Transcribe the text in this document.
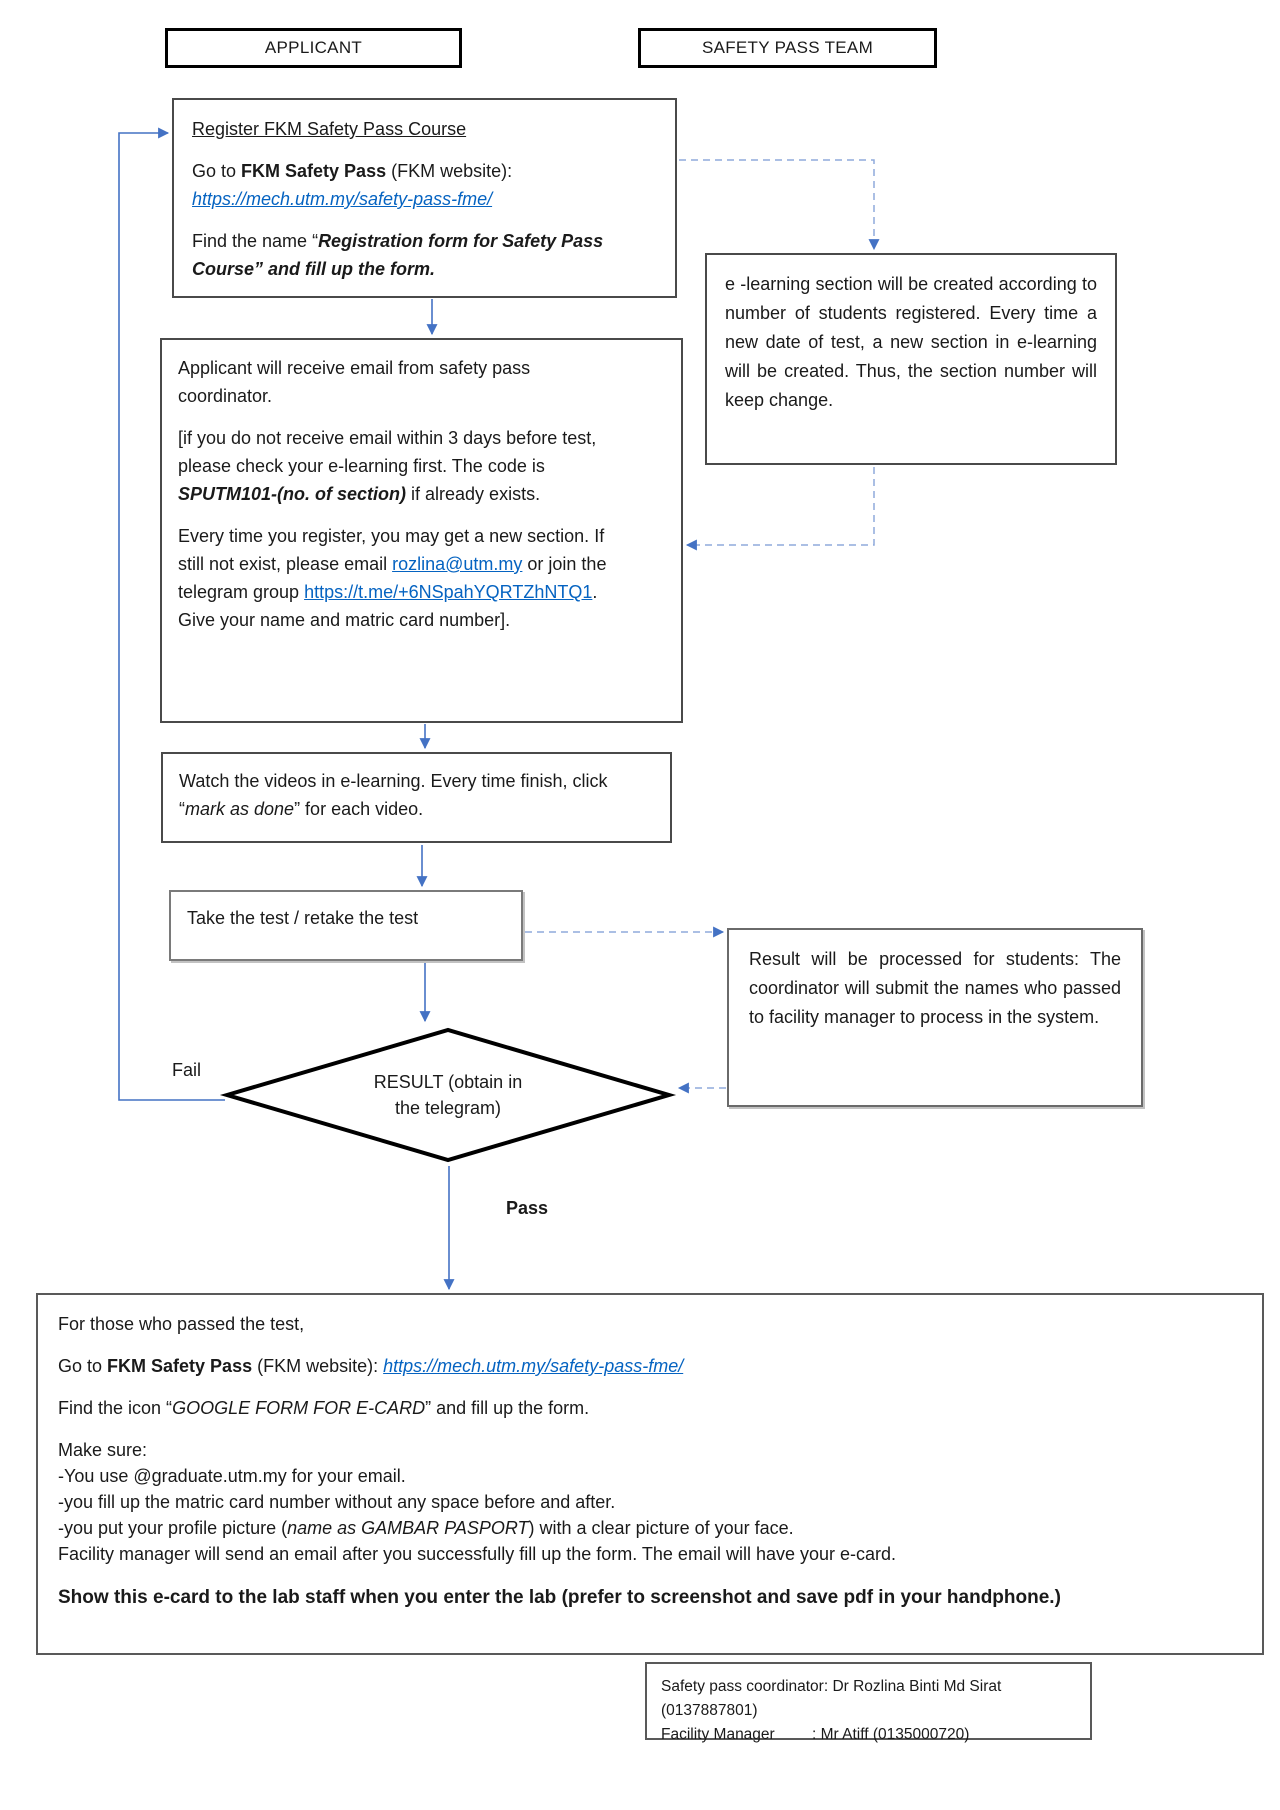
APPLICANT	SAFETY PASS TEAM

Register FKM Safety Pass Course

Go to FKM Safety Pass (FKM website):
https://mech.utm.my/safety-pass-fme/

Find the name “Registration form for Safety Pass Course” and fill up the form.

e -learning section will be created according to number of students registered. Every time a new date of test, a new section in e-learning will be created. Thus, the section number will keep change.

Applicant will receive email from safety pass coordinator.

[if you do not receive email within 3 days before test, please check your e-learning first. The code is SPUTM101-(no. of section) if already exists.

Every time you register, you may get a new section. If still not exist, please email rozlina@utm.my or join the telegram group https://t.me/+6NSpahYQRTZhNTQ1. Give your name and matric card number].

Watch the videos in e-learning. Every time finish, click “mark as done” for each video.

Take the test / retake the test

RESULT (obtain in
the telegram)

Result will be processed for students: The coordinator will submit the names who passed to facility manager to process in the system.

Fail
Pass

For those who passed the test,

Go to FKM Safety Pass (FKM website): https://mech.utm.my/safety-pass-fme/

Find the icon “GOOGLE FORM FOR E-CARD” and fill up the form.

Make sure:
-You use @graduate.utm.my for your email.
-you fill up the matric card number without any space before and after.
-you put your profile picture (name as GAMBAR PASPORT) with a clear picture of your face.
Facility manager will send an email after you successfully fill up the form. The email will have your e-card.

Show this e-card to the lab staff when you enter the lab (prefer to screenshot and save pdf in your handphone.)

Safety pass coordinator: Dr Rozlina Binti Md Sirat (0137887801)
Facility Manager : Mr Atiff (0135000720)
